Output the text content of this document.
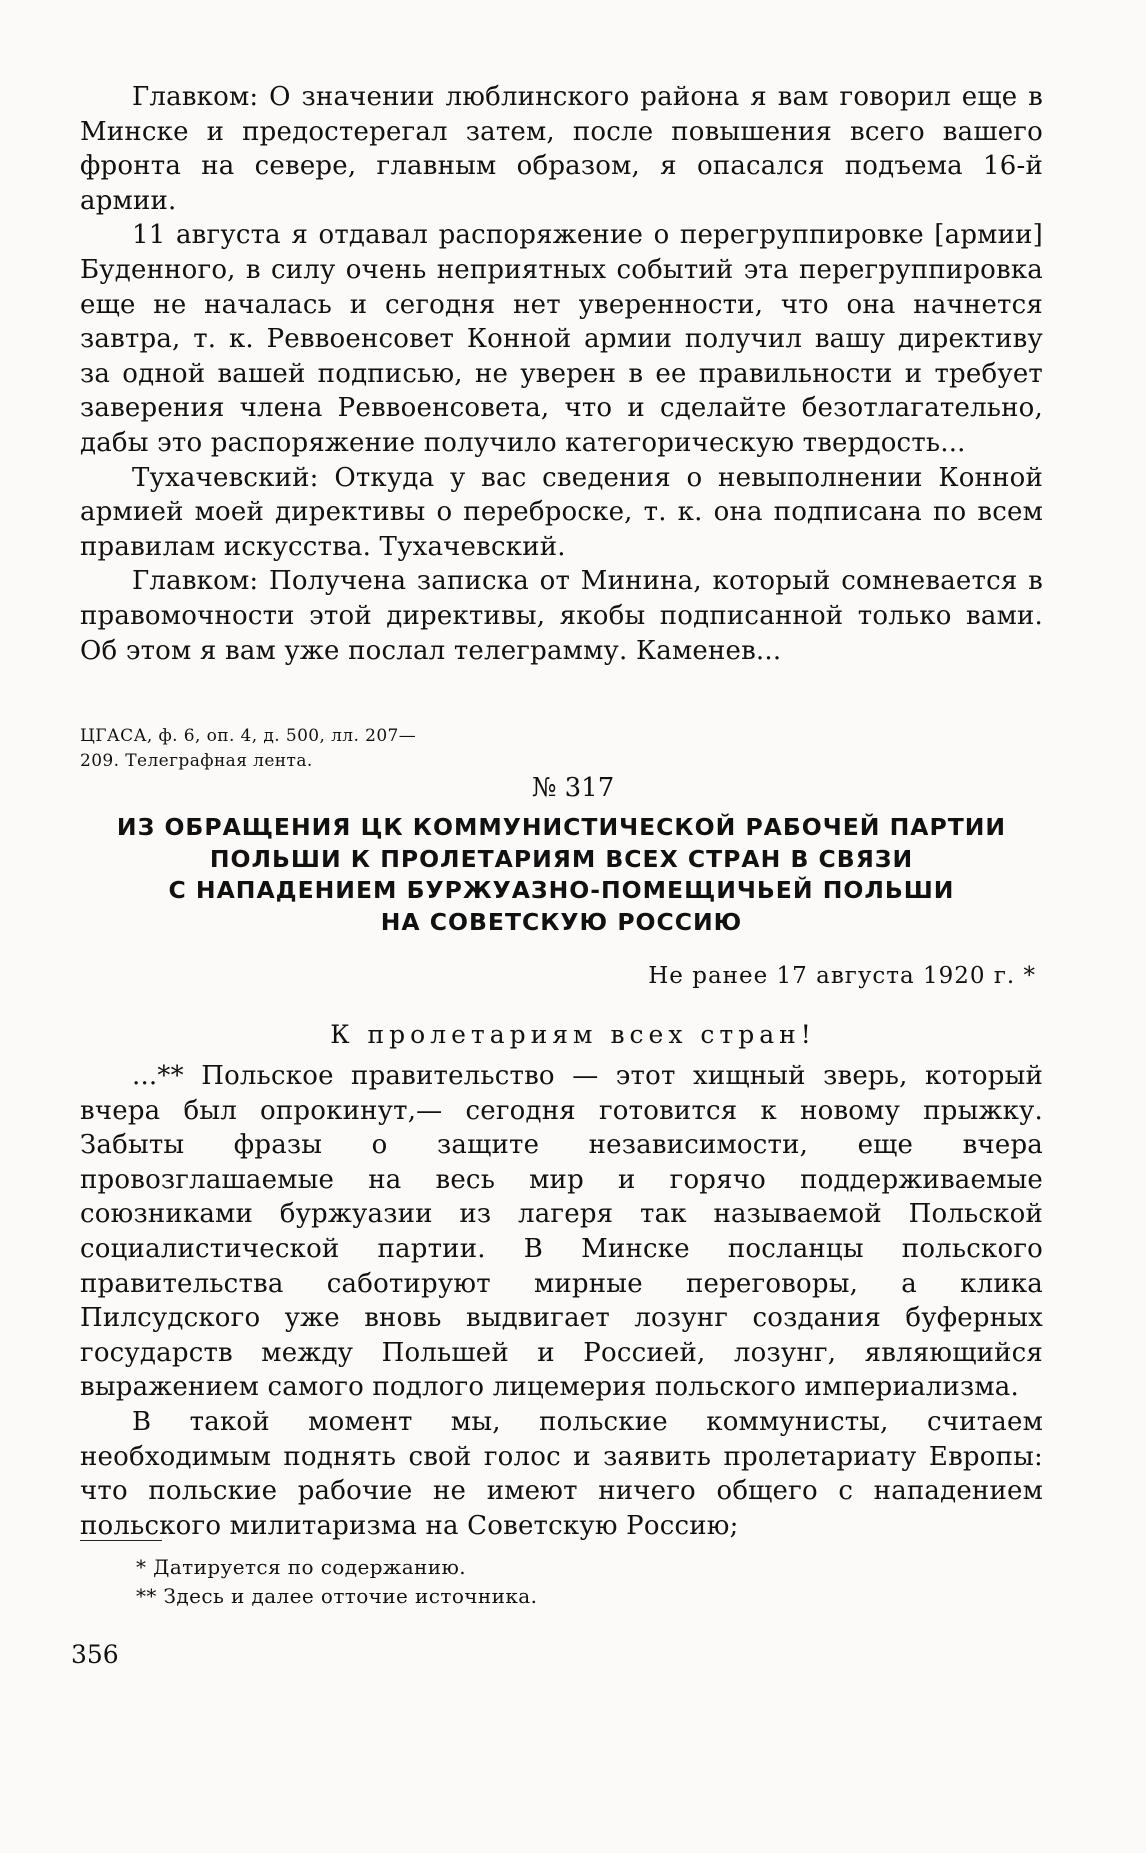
Главком: О значении люблинского района я вам говорил еще в Минске и предостерегал затем, после повышения всего вашего фронта на севере, главным образом, я опасался подъема 16-й армии.

11 августа я отдавал распоряжение о перегруппировке [армии] Буденного, в силу очень неприятных событий эта перегруппировка еще не началась и сегодня нет уверенности, что она начнется завтра, т. к. Реввоенсовет Конной армии получил вашу директиву за одной вашей подписью, не уверен в ее правильности и требует заверения члена Реввоенсовета, что и сделайте безотлагательно, дабы это распоряжение получило категорическую твердость...

Тухачевский: Откуда у вас сведения о невыполнении Конной армией моей директивы о переброске, т. к. она подписана по всем правилам искусства. Тухачевский.

Главком: Получена записка от Минина, который сомневается в правомочности этой директивы, якобы подписанной только вами. Об этом я вам уже послал телеграмму. Каменев...

ЦГАСА, ф. 6, оп. 4, д. 500, лл. 207—
209. Телеграфная лента.

№ 317

ИЗ ОБРАЩЕНИЯ ЦК КОММУНИСТИЧЕСКОЙ РАБОЧЕЙ ПАРТИИ
ПОЛЬШИ К ПРОЛЕТАРИЯМ ВСЕХ СТРАН В СВЯЗИ
С НАПАДЕНИЕМ БУРЖУАЗНО-ПОМЕЩИЧЬЕЙ ПОЛЬШИ
НА СОВЕТСКУЮ РОССИЮ

Не ранее 17 августа 1920 г. *

К пролетариям всех стран!

...** Польское правительство — этот хищный зверь, который вчера был опрокинут,— сегодня готовится к новому прыжку. Забыты фразы о защите независимости, еще вчера провозглашаемые на весь мир и горячо поддерживаемые союзниками буржуазии из лагеря так называемой Польской социалистической партии. В Минске посланцы польского правительства саботируют мирные переговоры, а клика Пилсудского уже вновь выдвигает лозунг создания буферных государств между Польшей и Россией, лозунг, являющийся выражением самого подлого лицемерия польского империализма.

В такой момент мы, польские коммунисты, считаем необходимым поднять свой голос и заявить пролетариату Европы: что польские рабочие не имеют ничего общего с нападением польского милитаризма на Советскую Россию;

* Датируется по содержанию.
** Здесь и далее отточие источника.

356
